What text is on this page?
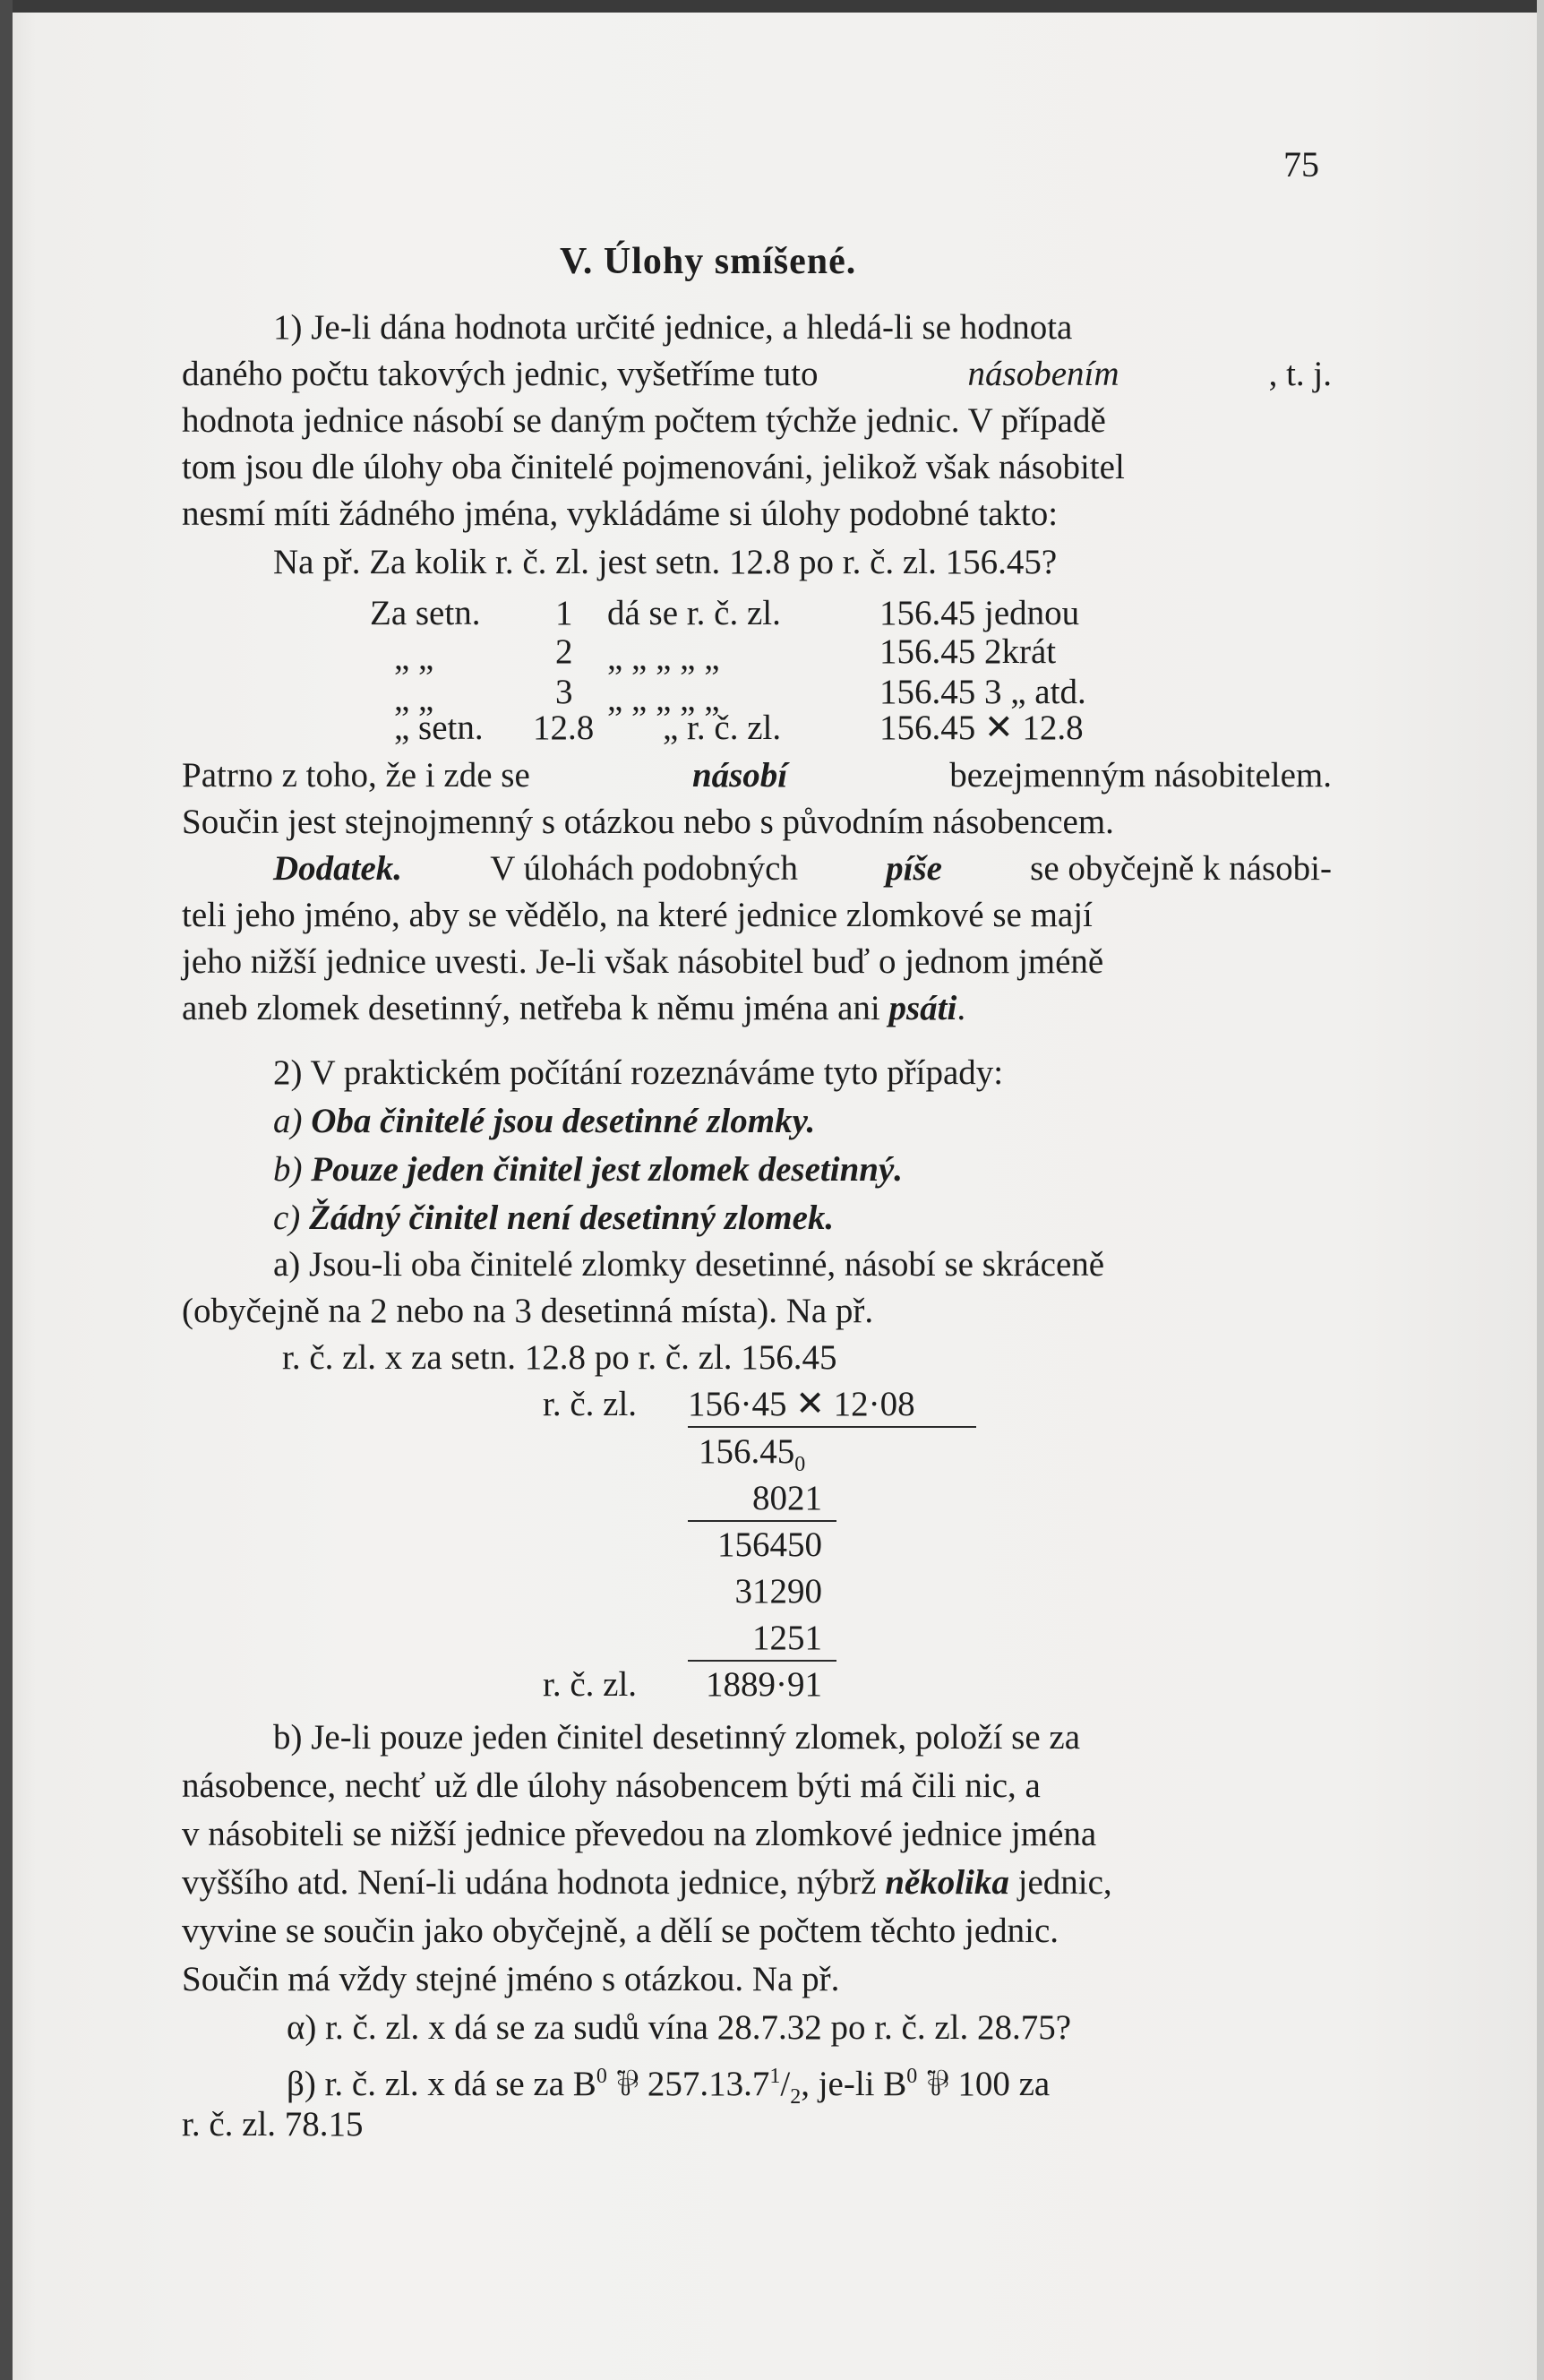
75
V. Úlohy smíšené.
1) Je-li dána hodnota určité jednice, a hledá-li se hodnota
daného počtu takových jednic, vyšetříme tuto	násobením	, t. j.
hodnota jednice násobí se daným počtem týchže jednic. V případě
tom jsou dle úlohy oba činitelé pojmenováni, jelikož však násobitel
nesmí míti žádného jména, vykládáme si úlohy podobné takto:
Na př. Za kolik r. č. zl. jest setn. 12.8 po r. č. zl. 156.45?
Za setn. 1 dá se r. č. zl.	156.45 jednou
„ „	2 „ „ „ „ „	156.45 2krát
„ „	3 „ „ „ „ „	156.45 3 „ atd.
„ setn. 12.8 „ r. č. zl.	156.45 ✕ 12.8
Patrno z toho, že i zde se	násobí	bezejmenným násobitelem.
Součin jest stejnojmenný s otázkou nebo s původním násobencem.
Dodatek.	V úlohách podobných	píše	se obyčejně k násobi-
teli jeho jméno, aby se vědělo, na které jednice zlomkové se mají
jeho nižší jednice uvesti. Je-li však násobitel buď o jednom jméně
aneb zlomek desetinný, netřeba k němu jména ani psáti.
2) V praktickém počítání rozeznáváme tyto případy:
a) Oba činitelé jsou desetinné zlomky.
b) Pouze jeden činitel jest zlomek desetinný.
c) Žádný činitel není desetinný zlomek.
a) Jsou-li oba činitelé zlomky desetinné, násobí se skráceně
(obyčejně na 2 nebo na 3 desetinná místa). Na př.
r. č. zl. x za setn. 12.8 po r. č. zl. 156.45
r. č. zl. 156·45 ✕ 12·08
$156.45_0$
8021
156450
31290
1251
r. č. zl. 1889·91
b) Je-li pouze jeden činitel desetinný zlomek, položí se za
násobence, nechť už dle úlohy násobencem býti má čili nic, a
v násobiteli se nižší jednice převedou na zlomkové jednice jména
vyššího atd. Není-li udána hodnota jednice, nýbrž několika jednic,
vyvine se součin jako obyčejně, a dělí se počtem těchto jednic.
Součin má vždy stejné jméno s otázkou. Na př.
α) r. č. zl. x dá se za sudů vína 28.7.32 po r. č. zl. 28.75?
β) r. č. zl. x dá se za $B^0$ ⅌ $257.13.7^1/_2$, je-li $B^0$ ⅌ 100 za
r. č. zl. 78.15
